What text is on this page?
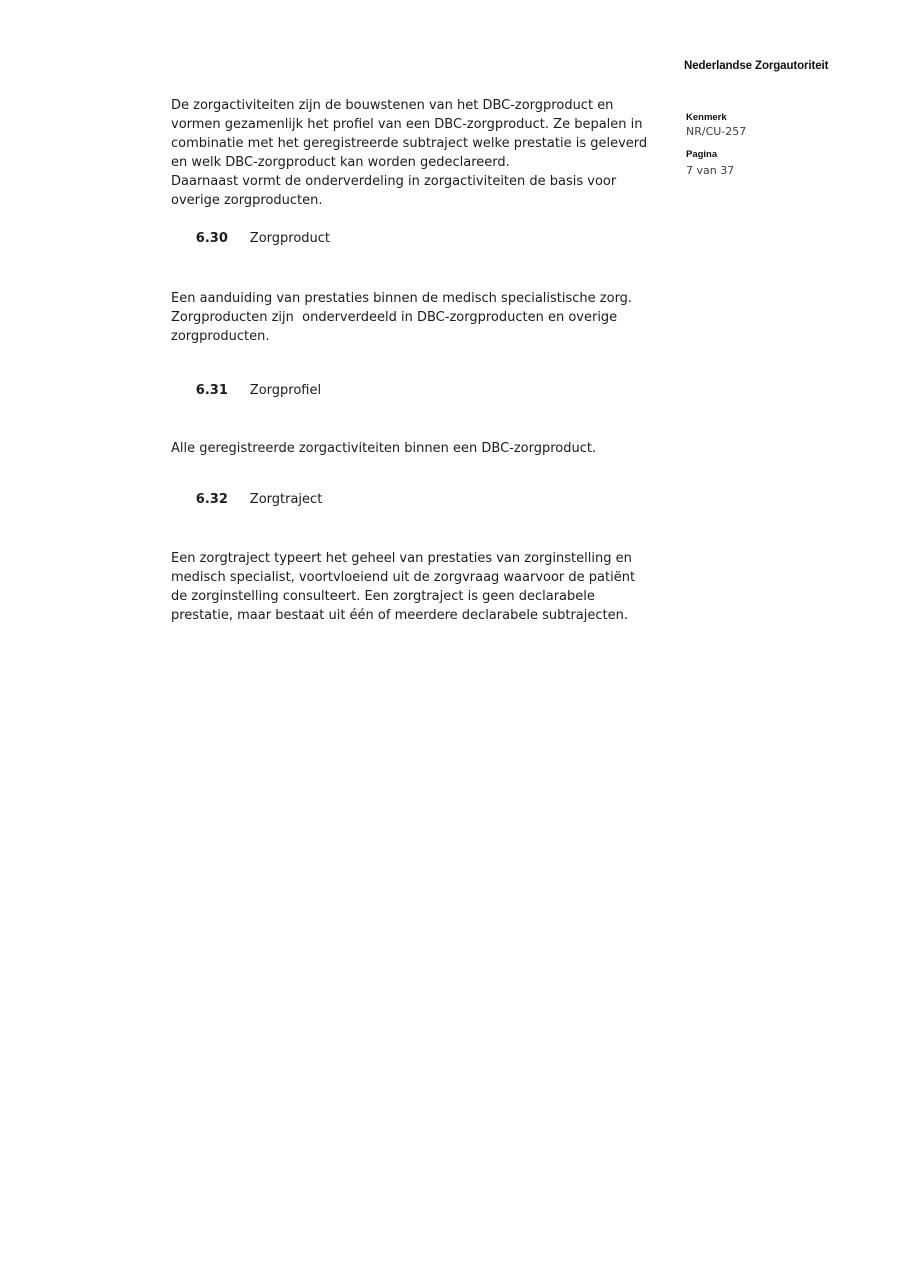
Nederlandse Zorgautoriteit
Kenmerk
NR/CU-257
Pagina
7 van 37
De zorgactiviteiten zijn de bouwstenen van het DBC-zorgproduct en
vormen gezamenlijk het profiel van een DBC-zorgproduct. Ze bepalen in
combinatie met het geregistreerde subtraject welke prestatie is geleverd
en welk DBC-zorgproduct kan worden gedeclareerd.
Daarnaast vormt de onderverdeling in zorgactiviteiten de basis voor
overige zorgproducten.

6.30 Zorgproduct

Een aanduiding van prestaties binnen de medisch specialistische zorg.
Zorgproducten zijn  onderverdeeld in DBC-zorgproducten en overige
zorgproducten.

6.31 Zorgprofiel

Alle geregistreerde zorgactiviteiten binnen een DBC-zorgproduct.

6.32 Zorgtraject

Een zorgtraject typeert het geheel van prestaties van zorginstelling en
medisch specialist, voortvloeiend uit de zorgvraag waarvoor de patiënt
de zorginstelling consulteert. Een zorgtraject is geen declarabele
prestatie, maar bestaat uit één of meerdere declarabele subtrajecten.
